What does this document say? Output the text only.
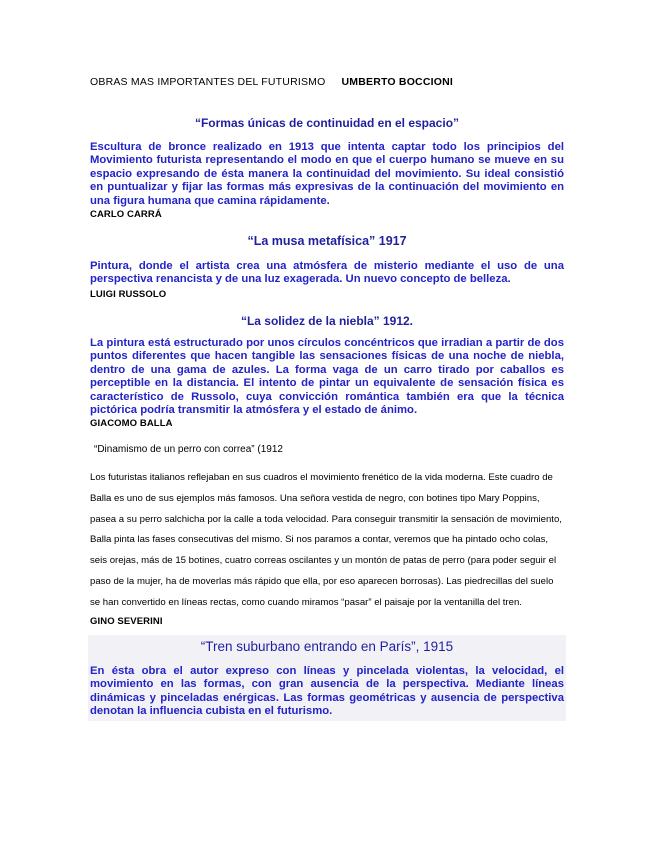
OBRAS MAS IMPORTANTES DEL FUTURISMO UMBERTO BOCCIONI
“Formas únicas de continuidad en el espacio”
Escultura de bronce realizado en 1913 que intenta captar todo los principios del Movimiento futurista representando el modo en que el cuerpo humano se mueve en su espacio expresando de ésta manera la continuidad del movimiento. Su ideal consistió en puntualizar y fijar las formas más expresivas de la continuación del movimiento en una figura humana que camina rápidamente.
CARLO CARRÁ
“La musa metafísica” 1917
Pintura, donde el artista crea una atmósfera de misterio mediante el uso de una perspectiva renancista y de una luz exagerada. Un nuevo concepto de belleza.
LUIGI RUSSOLO
“La solidez de la niebla” 1912.
La pintura está estructurado por unos círculos concéntricos que irradian a partir de dos puntos diferentes que hacen tangible las sensaciones físicas de una noche de niebla, dentro de una gama de azules. La forma vaga de un carro tirado por caballos es perceptible en la distancia. El intento de pintar un equivalente de sensación física es característico de Russolo, cuya convicción romántica también era que la técnica pictórica podría transmitir la atmósfera y el estado de ánimo.
GIACOMO BALLA
“Dinamismo de un perro con correa” (1912
Los futuristas italianos reflejaban en sus cuadros el movimiento frenético de la vida moderna. Este cuadro de Balla es uno de sus ejemplos más famosos. Una señora vestida de negro, con botines tipo Mary Poppins, pasea a su perro salchicha por la calle a toda velocidad. Para conseguir transmitir la sensación de movimiento, Balla pinta las fases consecutivas del mismo. Si nos paramos a contar, veremos que ha pintado ocho colas, seis orejas, más de 15 botines, cuatro correas oscilantes y un montón de patas de perro (para poder seguir el paso de la mujer, ha de moverlas más rápido que ella, por eso aparecen borrosas). Las piedrecillas del suelo se han convertido en líneas rectas, como cuando miramos “pasar” el paisaje por la ventanilla del tren.
GINO SEVERINI
“Tren suburbano entrando en París”, 1915
En ésta obra el autor expreso con líneas y pincelada violentas, la velocidad, el movimiento en las formas, con gran ausencia de la perspectiva. Mediante líneas dinámicas y pinceladas enérgicas. Las formas geométricas y ausencia de perspectiva denotan la influencia cubista en el futurismo.
